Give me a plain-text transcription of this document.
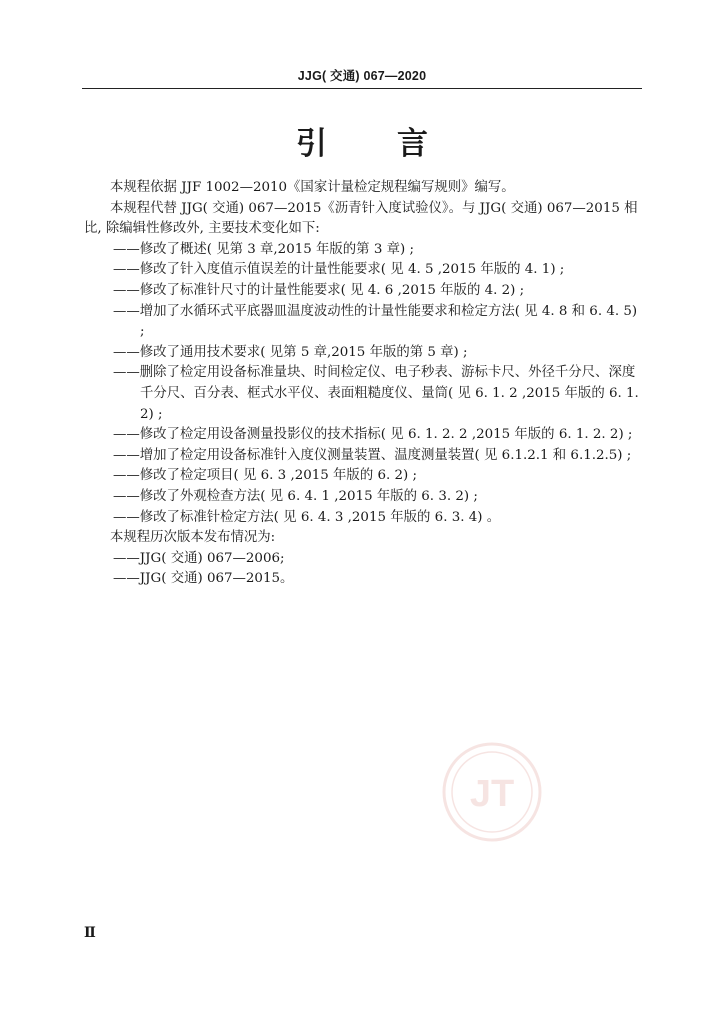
JJG( 交通) 067—2020
引言

本规程依据 JJF 1002—2010《国家计量检定规程编写规则》编写。

本规程代替 JJG( 交通) 067—2015《沥青针入度试验仪》。与 JJG( 交通) 067—2015 相比, 除编辑性修改外, 主要技术变化如下:

——修改了概述( 见第 3 章,2015 年版的第 3 章) ;

——修改了针入度值示值误差的计量性能要求( 见 4. 5 ,2015 年版的 4. 1) ;

——修改了标准针尺寸的计量性能要求( 见 4. 6 ,2015 年版的 4. 2) ;

——增加了水循环式平底器皿温度波动性的计量性能要求和检定方法( 见 4. 8 和 6. 4. 5) ;

——修改了通用技术要求( 见第 5 章,2015 年版的第 5 章) ;

——删除了检定用设备标准量块、时间检定仪、电子秒表、游标卡尺、外径千分尺、深度千分尺、百分表、框式水平仪、表面粗糙度仪、量筒( 见 6. 1. 2 ,2015 年版的 6. 1. 2) ;

——修改了检定用设备测量投影仪的技术指标( 见 6. 1. 2. 2 ,2015 年版的 6. 1. 2. 2) ;

——增加了检定用设备标准针入度仪测量装置、温度测量装置( 见 6.1.2.1 和 6.1.2.5) ;

——修改了检定项目( 见 6. 3 ,2015 年版的 6. 2) ;

——修改了外观检查方法( 见 6. 4. 1 ,2015 年版的 6. 3. 2) ;

——修改了标准针检定方法( 见 6. 4. 3 ,2015 年版的 6. 3. 4) 。

本规程历次版本发布情况为:

——JJG( 交通) 067—2006;

——JJG( 交通) 067—2015。

JT
Ⅱ
